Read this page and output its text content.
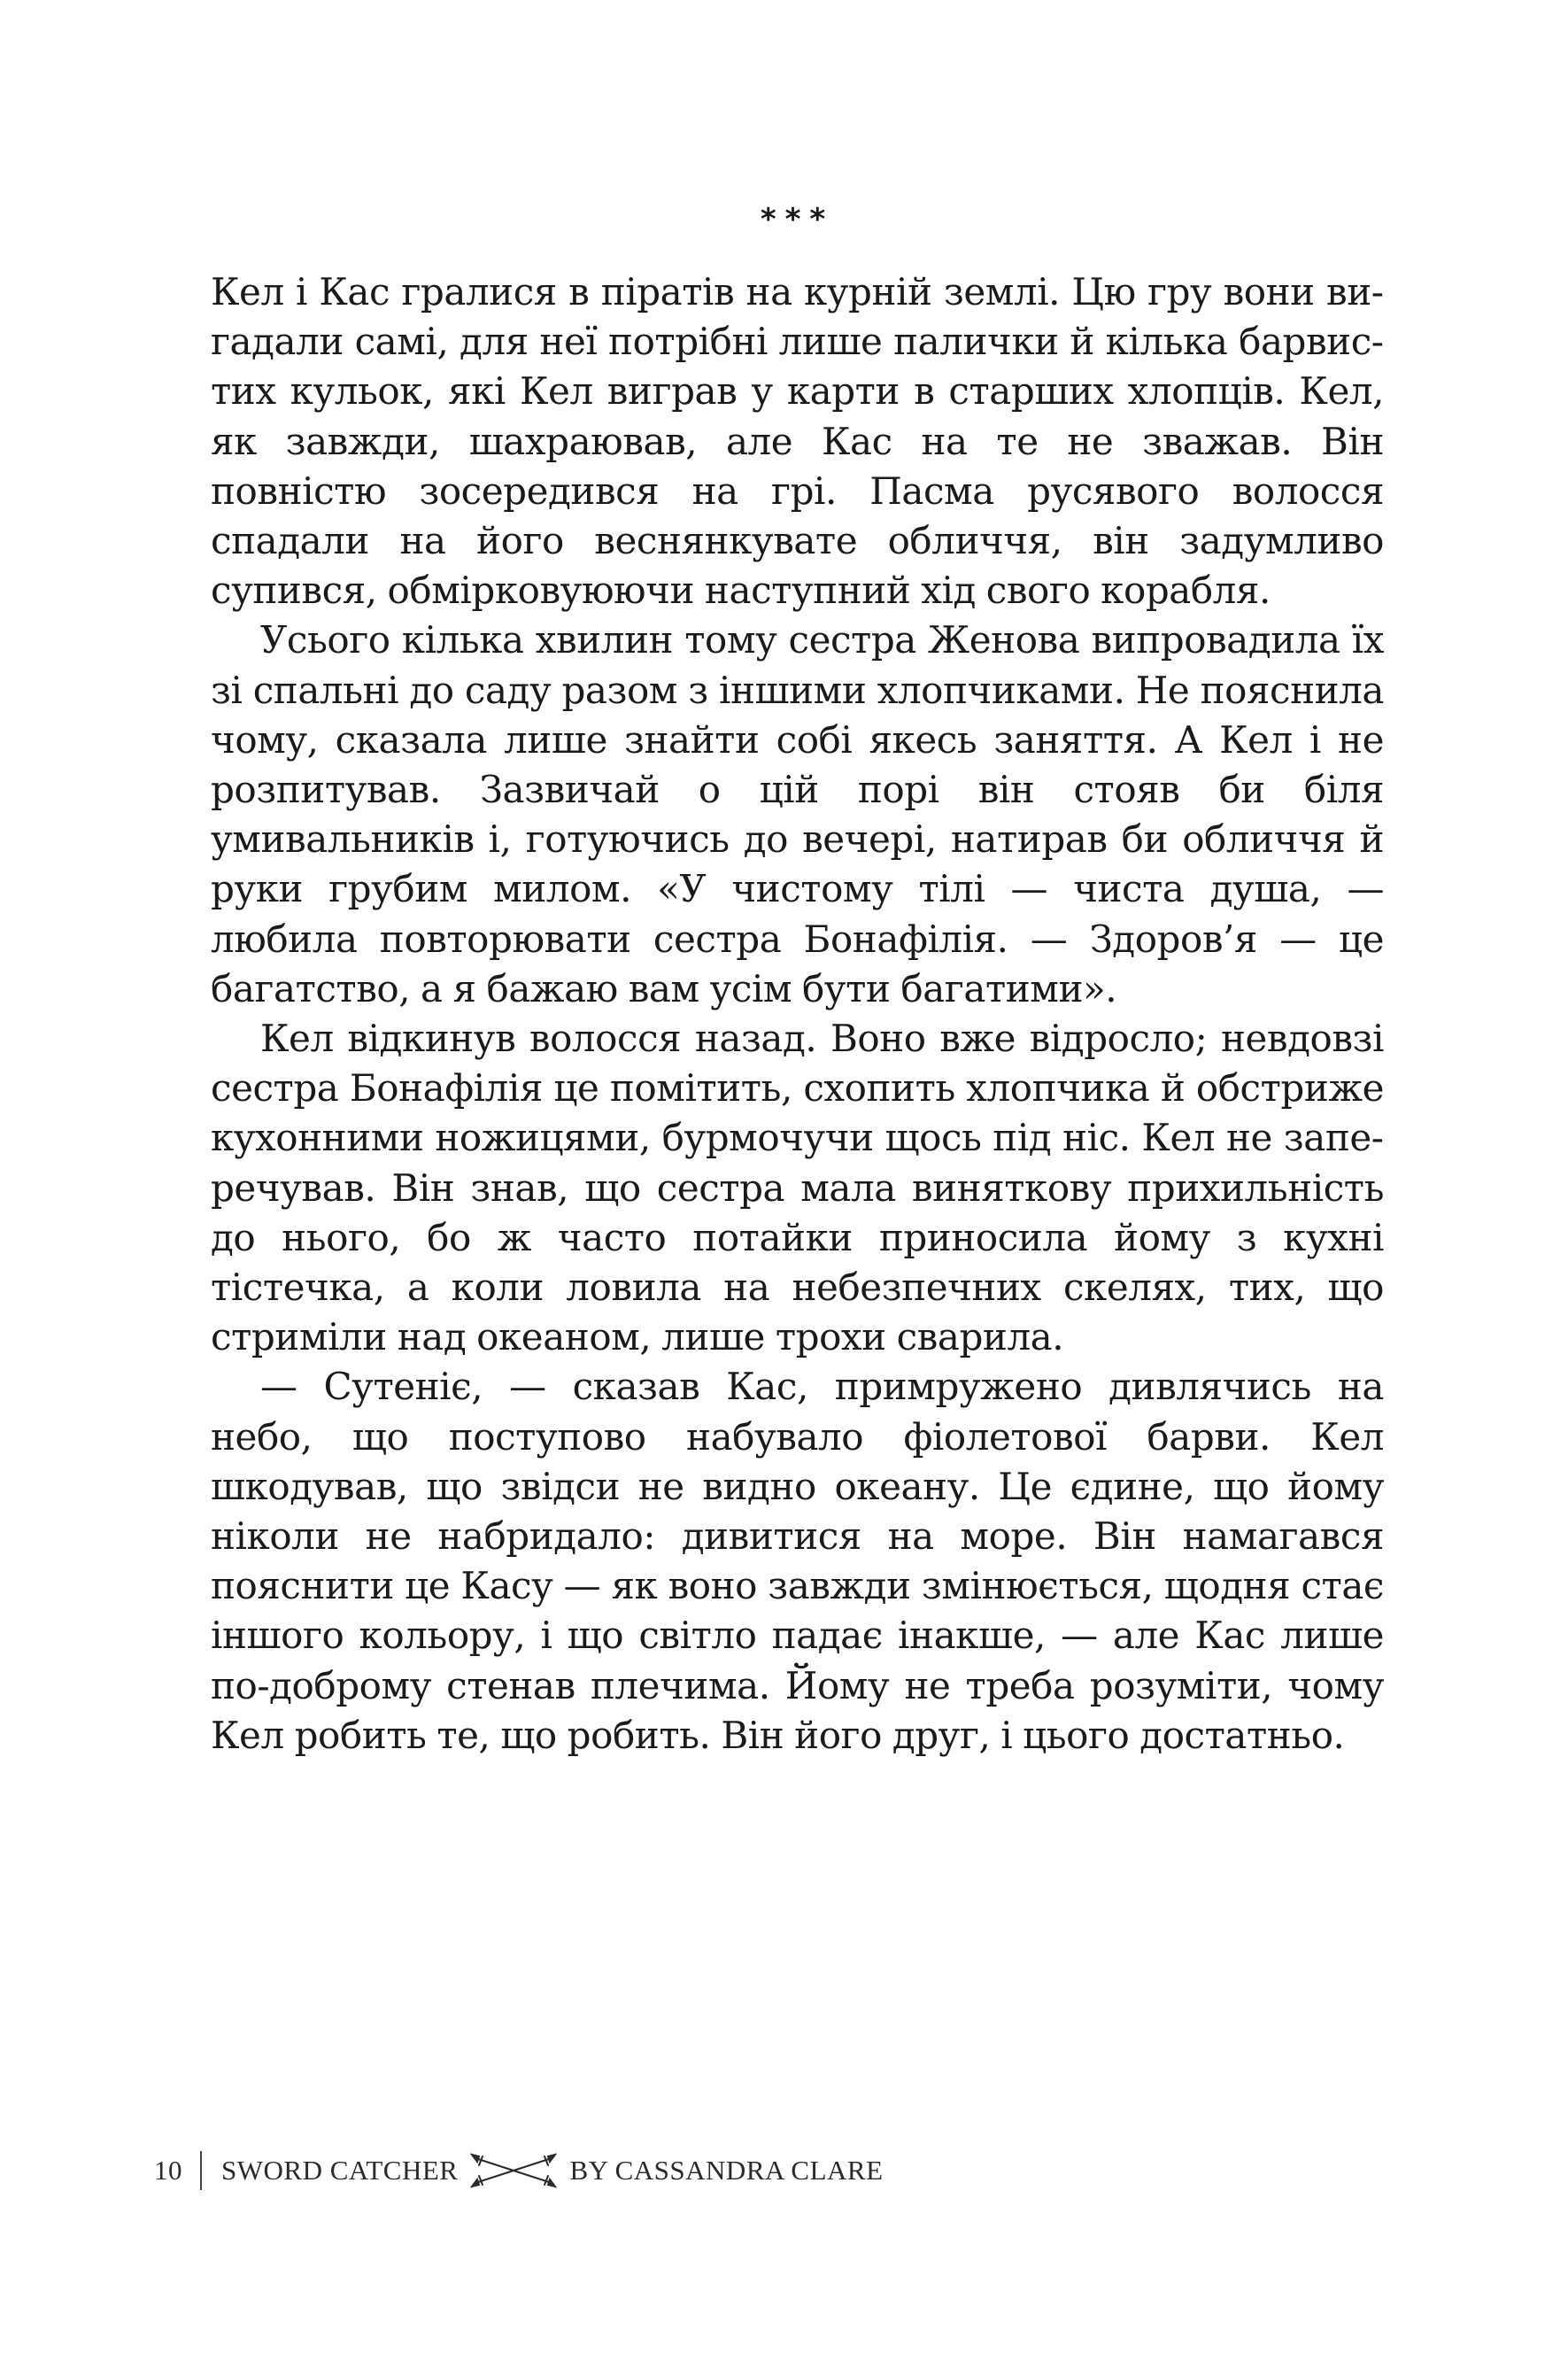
***

Кел і Кас гралися в піратів на курній землі. Цю гру вони вигадали самі, для неї потрібні лише палички й кілька барвистих кульок, які Кел виграв у карти в старших хлопців. Кел, як завжди, шахраював, але Кас на те не зважав. Він повністю зосередився на грі. Пасма русявого волосся спадали на його веснянкувате обличчя, він задумливо супився, обмірковуюючи наступний хід свого корабля.

Усього кілька хвилин тому сестра Женова випровадила їх зі спальні до саду разом з іншими хлопчиками. Не пояснила чому, сказала лише знайти собі якесь заняття. А Кел і не розпитував. Зазвичай о цій порі він стояв би біля умивальників і, готуючись до вечері, натирав би обличчя й руки грубим милом. «У чистому тілі — чиста душа, — любила повторювати сестра Бонафілія. — Здоров’я — це багатство, а я бажаю вам усім бути багатими».

Кел відкинув волосся назад. Воно вже відросло; невдовзі сестра Бонафілія це помітить, схопить хлопчика й обстриже кухонними ножицями, бурмочучи щось під ніс. Кел не заперечував. Він знав, що сестра мала виняткову прихильність до нього, бо ж часто потайки приносила йому з кухні тістечка, а коли ловила на небезпечних скелях, тих, що стриміли над океаном, лише трохи сварила.

— Сутеніє, — сказав Кас, примружено дивлячись на небо, що поступово набувало фіолетової барви. Кел шкодував, що звідси не видно океану. Це єдине, що йому ніколи не набридало: дивитися на море. Він намагався пояснити це Касу — як воно завжди змінюється, щодня стає іншого кольору, і що світло падає інакше, — але Кас лише по-доброму стенав плечима. Йому не треба розуміти, чому Кел робить те, що робить. Він його друг, і цього достатньо.

10 SWORD CATCHER	BY CASSANDRA CLARE
